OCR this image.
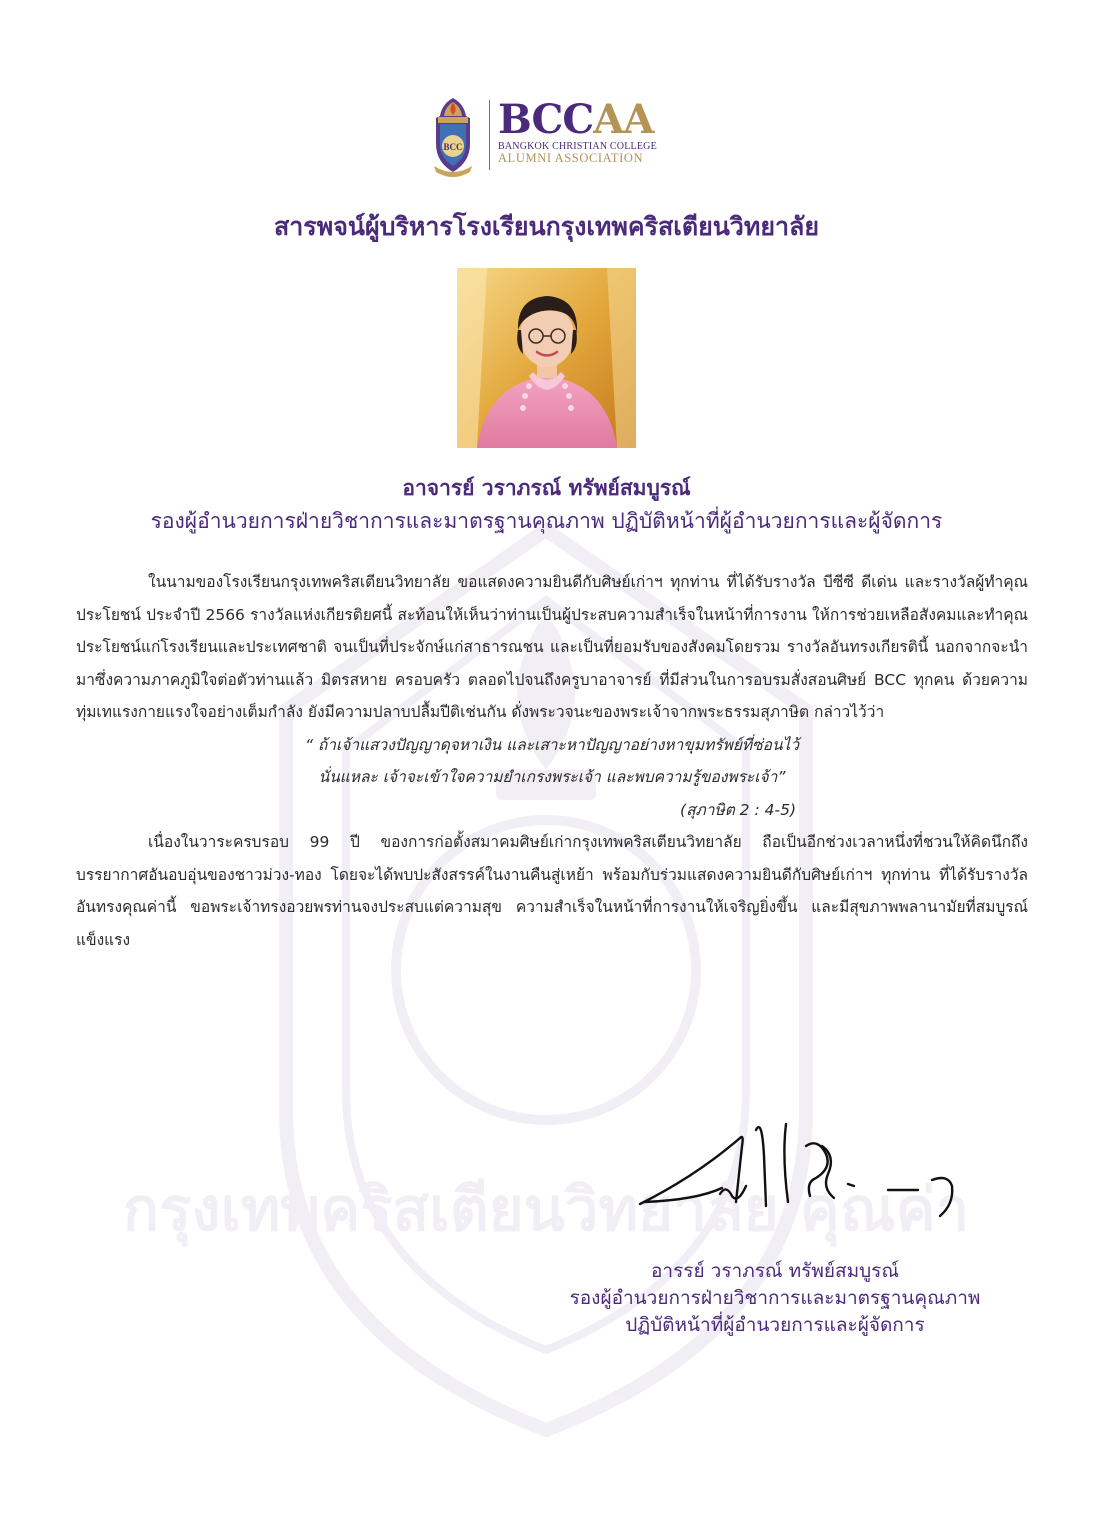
กรุงเทพคริสเตียนวิทยาลัย คุณค่า
BCC
BCCAA
BANGKOK CHRISTIAN COLLEGE
ALUMNI ASSOCIATION
สารพจน์ผู้บริหารโรงเรียนกรุงเทพคริสเตียนวิทยาลัย
อาจารย์ วราภรณ์ ทรัพย์สมบูรณ์
รองผู้อำนวยการฝ่ายวิชาการและมาตรฐานคุณภาพ ปฏิบัติหน้าที่ผู้อำนวยการและผู้จัดการ

ในนามของโรงเรียนกรุงเทพคริสเตียนวิทยาลัย ขอแสดงความยินดีกับศิษย์เก่าฯ ทุกท่าน ที่ได้รับรางวัล บีซีซี ดีเด่น และรางวัลผู้ทำคุณประโยชน์ ประจำปี 2566 รางวัลแห่งเกียรติยศนี้ สะท้อนให้เห็นว่าท่านเป็นผู้ประสบความสำเร็จในหน้าที่การงาน ให้การช่วยเหลือสังคมและทำคุณประโยชน์แก่โรงเรียนและประเทศชาติ จนเป็นที่ประจักษ์แก่สาธารณชน และเป็นที่ยอมรับของสังคมโดยรวม รางวัลอันทรงเกียรตินี้ นอกจากจะนำมาซึ่งความภาคภูมิใจต่อตัวท่านแล้ว มิตรสหาย ครอบครัว ตลอดไปจนถึงครูบาอาจารย์ ที่มีส่วนในการอบรมสั่งสอนศิษย์ BCC ทุกคน ด้วยความทุ่มเทแรงกายแรงใจอย่างเต็มกำลัง ยังมีความปลาบปลื้มปีติเช่นกัน ดั่งพระวจนะของพระเจ้าจากพระธรรมสุภาษิต กล่าวไว้ว่า

“ ถ้าเจ้าแสวงปัญญาดุจหาเงิน และเสาะหาปัญญาอย่างหาขุมทรัพย์ที่ซ่อนไว้
นั่นแหละ เจ้าจะเข้าใจความยำเกรงพระเจ้า และพบความรู้ของพระเจ้า”
(สุภาษิต 2 : 4-5)

เนื่องในวาระครบรอบ 99 ปี ของการก่อตั้งสมาคมศิษย์เก่ากรุงเทพคริสเตียนวิทยาลัย ถือเป็นอีกช่วงเวลาหนึ่งที่ชวนให้คิดนึกถึงบรรยากาศอันอบอุ่นของชาวม่วง-ทอง โดยจะได้พบปะสังสรรค์ในงานคืนสู่เหย้า พร้อมกับร่วมแสดงความยินดีกับศิษย์เก่าฯ ทุกท่าน ที่ได้รับรางวัลอันทรงคุณค่านี้ ขอพระเจ้าทรงอวยพรท่านจงประสบแต่ความสุข ความสำเร็จในหน้าที่การงานให้เจริญยิ่งขึ้น และมีสุขภาพพลานามัยที่สมบูรณ์แข็งแรง

อารรย์ วราภรณ์ ทรัพย์สมบูรณ์
รองผู้อำนวยการฝ่ายวิชาการและมาตรฐานคุณภาพ
ปฏิบัติหน้าที่ผู้อำนวยการและผู้จัดการ
